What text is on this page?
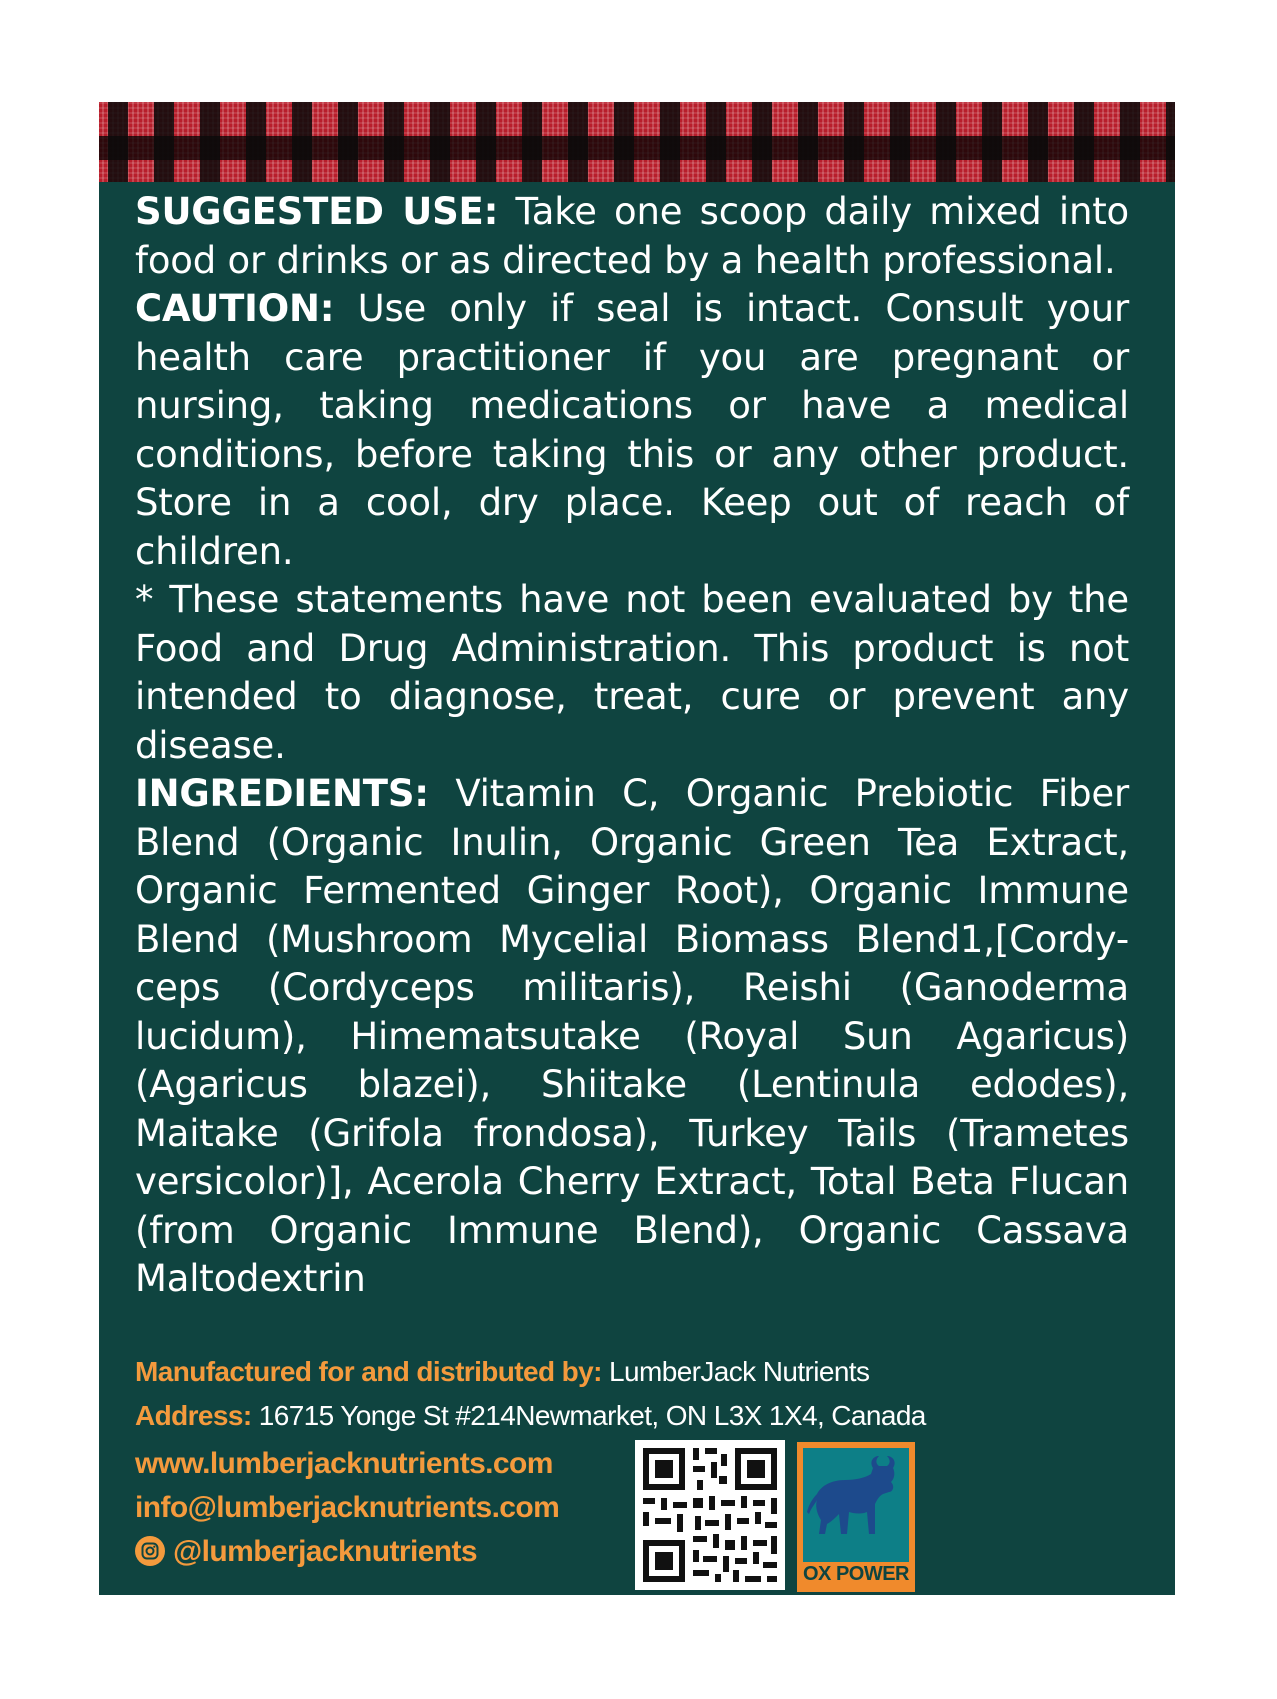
SUGGESTED USE: Take one scoop daily mixed into food or drinks or as directed by a health professional.

CAUTION: Use only if seal is intact. Consult your health care practitioner if you are pregnant or nursing, taking medications or have a medical conditions, before taking this or any other product. Store in a cool, dry place. Keep out of reach of children.

* These statements have not been evaluated by the Food and Drug Administration. This product is not intended to diagnose, treat, cure or prevent any disease.

INGREDIENTS: Vitamin C, Organic Prebiotic Fiber Blend (Organic Inulin, Organic Green Tea Extract, Organic Fermented Ginger Root), Organic Immune Blend (Mushroom Mycelial Biomass Blend1,[Cordy-ceps (Cordyceps militaris), Reishi (Ganoderma lucidum), Himematsutake (Royal Sun Agaricus) (Agaricus blazei), Shiitake (Lentinula edodes), Maitake (Grifola frondosa), Turkey Tails (Trametes versicolor)], Acerola Cherry Extract, Total Beta Flucan (from Organic Immune Blend), Organic Cassava Maltodextrin

Manufactured for and distributed by: LumberJack Nutrients
Address: 16715 Yonge St #214Newmarket, ON L3X 1X4, Canada
www.lumberjacknutrients.com
info@lumberjacknutrients.com
@lumberjacknutrients
OX POWER
